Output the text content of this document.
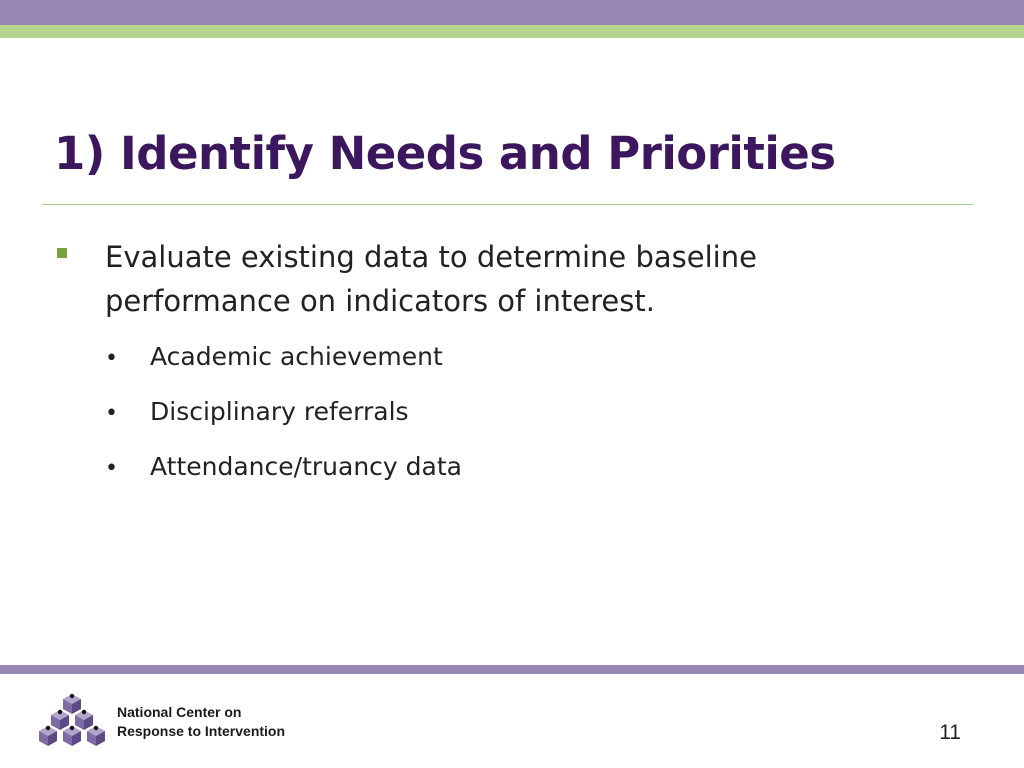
1) Identify Needs and Priorities

Evaluate existing data to determine baseline performance on indicators of interest.

• Academic achievement
• Disciplinary referrals
• Attendance/truancy data
National Center on
Response to Intervention	11
